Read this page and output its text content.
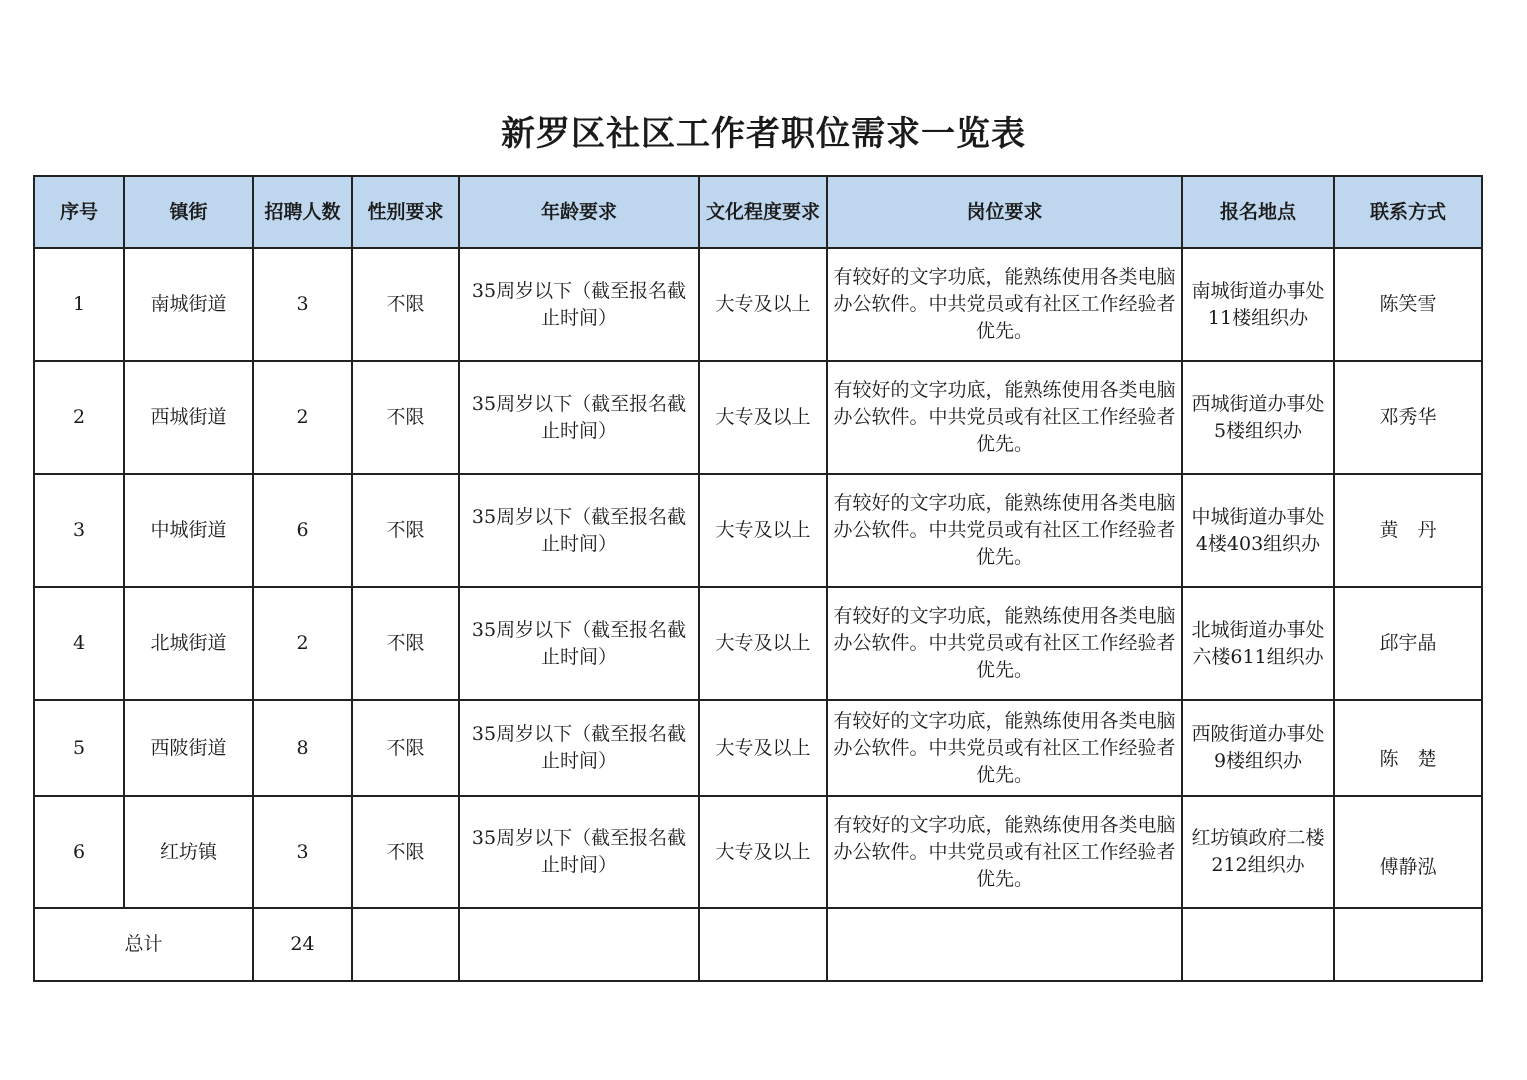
新罗区社区工作者职位需求一览表
序号	镇街	招聘人数	性别要求	年龄要求	文化程度要求	岗位要求	报名地点	联系方式
1	南城街道	3	不限	35周岁以下（截至报名截止时间）	大专及以上	有较好的文字功底，能熟练使用各类电脑办公软件。中共党员或有社区工作经验者优先。	南城街道办事处11楼组织办	陈笑雪
2	西城街道	2	不限	35周岁以下（截至报名截止时间）	大专及以上	有较好的文字功底，能熟练使用各类电脑办公软件。中共党员或有社区工作经验者优先。	西城街道办事处5楼组织办	邓秀华
3	中城街道	6	不限	35周岁以下（截至报名截止时间）	大专及以上	有较好的文字功底，能熟练使用各类电脑办公软件。中共党员或有社区工作经验者优先。	中城街道办事处4楼403组织办	黄　丹
4	北城街道	2	不限	35周岁以下（截至报名截止时间）	大专及以上	有较好的文字功底，能熟练使用各类电脑办公软件。中共党员或有社区工作经验者优先。	北城街道办事处六楼611组织办	邱宇晶
5	西陂街道	8	不限	35周岁以下（截至报名截止时间）	大专及以上	有较好的文字功底，能熟练使用各类电脑办公软件。中共党员或有社区工作经验者优先。	西陂街道办事处9楼组织办	陈　楚
6	红坊镇	3	不限	35周岁以下（截至报名截止时间）	大专及以上	有较好的文字功底，能熟练使用各类电脑办公软件。中共党员或有社区工作经验者优先。	红坊镇政府二楼212组织办	傅静泓
总计		24						
